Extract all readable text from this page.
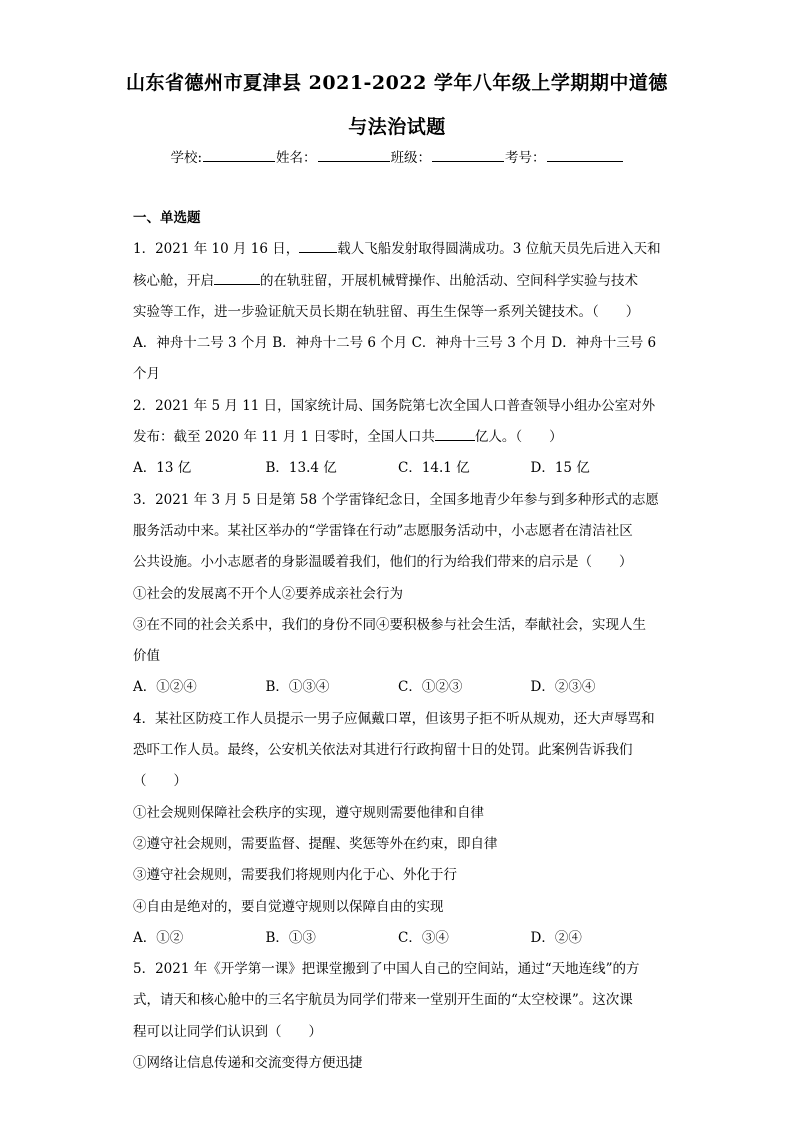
山东省德州市夏津县 2021-2022 学年八年级上学期期中道德
与法治试题
学校:	姓名：	班级：	考号：
一、单选题
1．2021 年 10 月 16 日，	载人飞船发射取得圆满成功。3 位航天员先后进入天和
核心舱，开启	的在轨驻留，开展机械臂操作、出舱活动、空间科学实验与技术
实验等工作，进一步验证航天员长期在轨驻留、再生生保等一系列关键技术。（　　）
A．神舟十二号 3 个月 B．神舟十二号 6 个月 C．神舟十三号 3 个月 D．神舟十三号 6
个月
2．2021 年 5 月 11 日，国家统计局、国务院第七次全国人口普查领导小组办公室对外
发布：截至 2020 年 11 月 1 日零时，全国人口共	亿人。（　　）
A．13 亿	B．13.4 亿	C．14.1 亿	D．15 亿
3．2021 年 3 月 5 日是第 58 个学雷锋纪念日，全国多地青少年参与到多种形式的志愿
服务活动中来。某社区举办的“学雷锋在行动”志愿服务活动中，小志愿者在清洁社区
公共设施。小小志愿者的身影温暖着我们，他们的行为给我们带来的启示是（　　）
①社会的发展离不开个人②要养成亲社会行为
③在不同的社会关系中，我们的身份不同④要积极参与社会生活，奉献社会，实现人生
价值
A．①②④	B．①③④	C．①②③	D．②③④
4．某社区防疫工作人员提示一男子应佩戴口罩，但该男子拒不听从规劝，还大声辱骂和
恐吓工作人员。最终，公安机关依法对其进行行政拘留十日的处罚。此案例告诉我们
（　　）
①社会规则保障社会秩序的实现，遵守规则需要他律和自律
②遵守社会规则，需要监督、提醒、奖惩等外在约束，即自律
③遵守社会规则，需要我们将规则内化于心、外化于行
④自由是绝对的，要自觉遵守规则以保障自由的实现
A．①②	B．①③	C．③④	D．②④
5．2021 年《开学第一课》把课堂搬到了中国人自己的空间站，通过“天地连线”的方
式，请天和核心舱中的三名宇航员为同学们带来一堂别开生面的“太空校课”。这次课
程可以让同学们认识到（　　）
①网络让信息传递和交流变得方便迅捷
